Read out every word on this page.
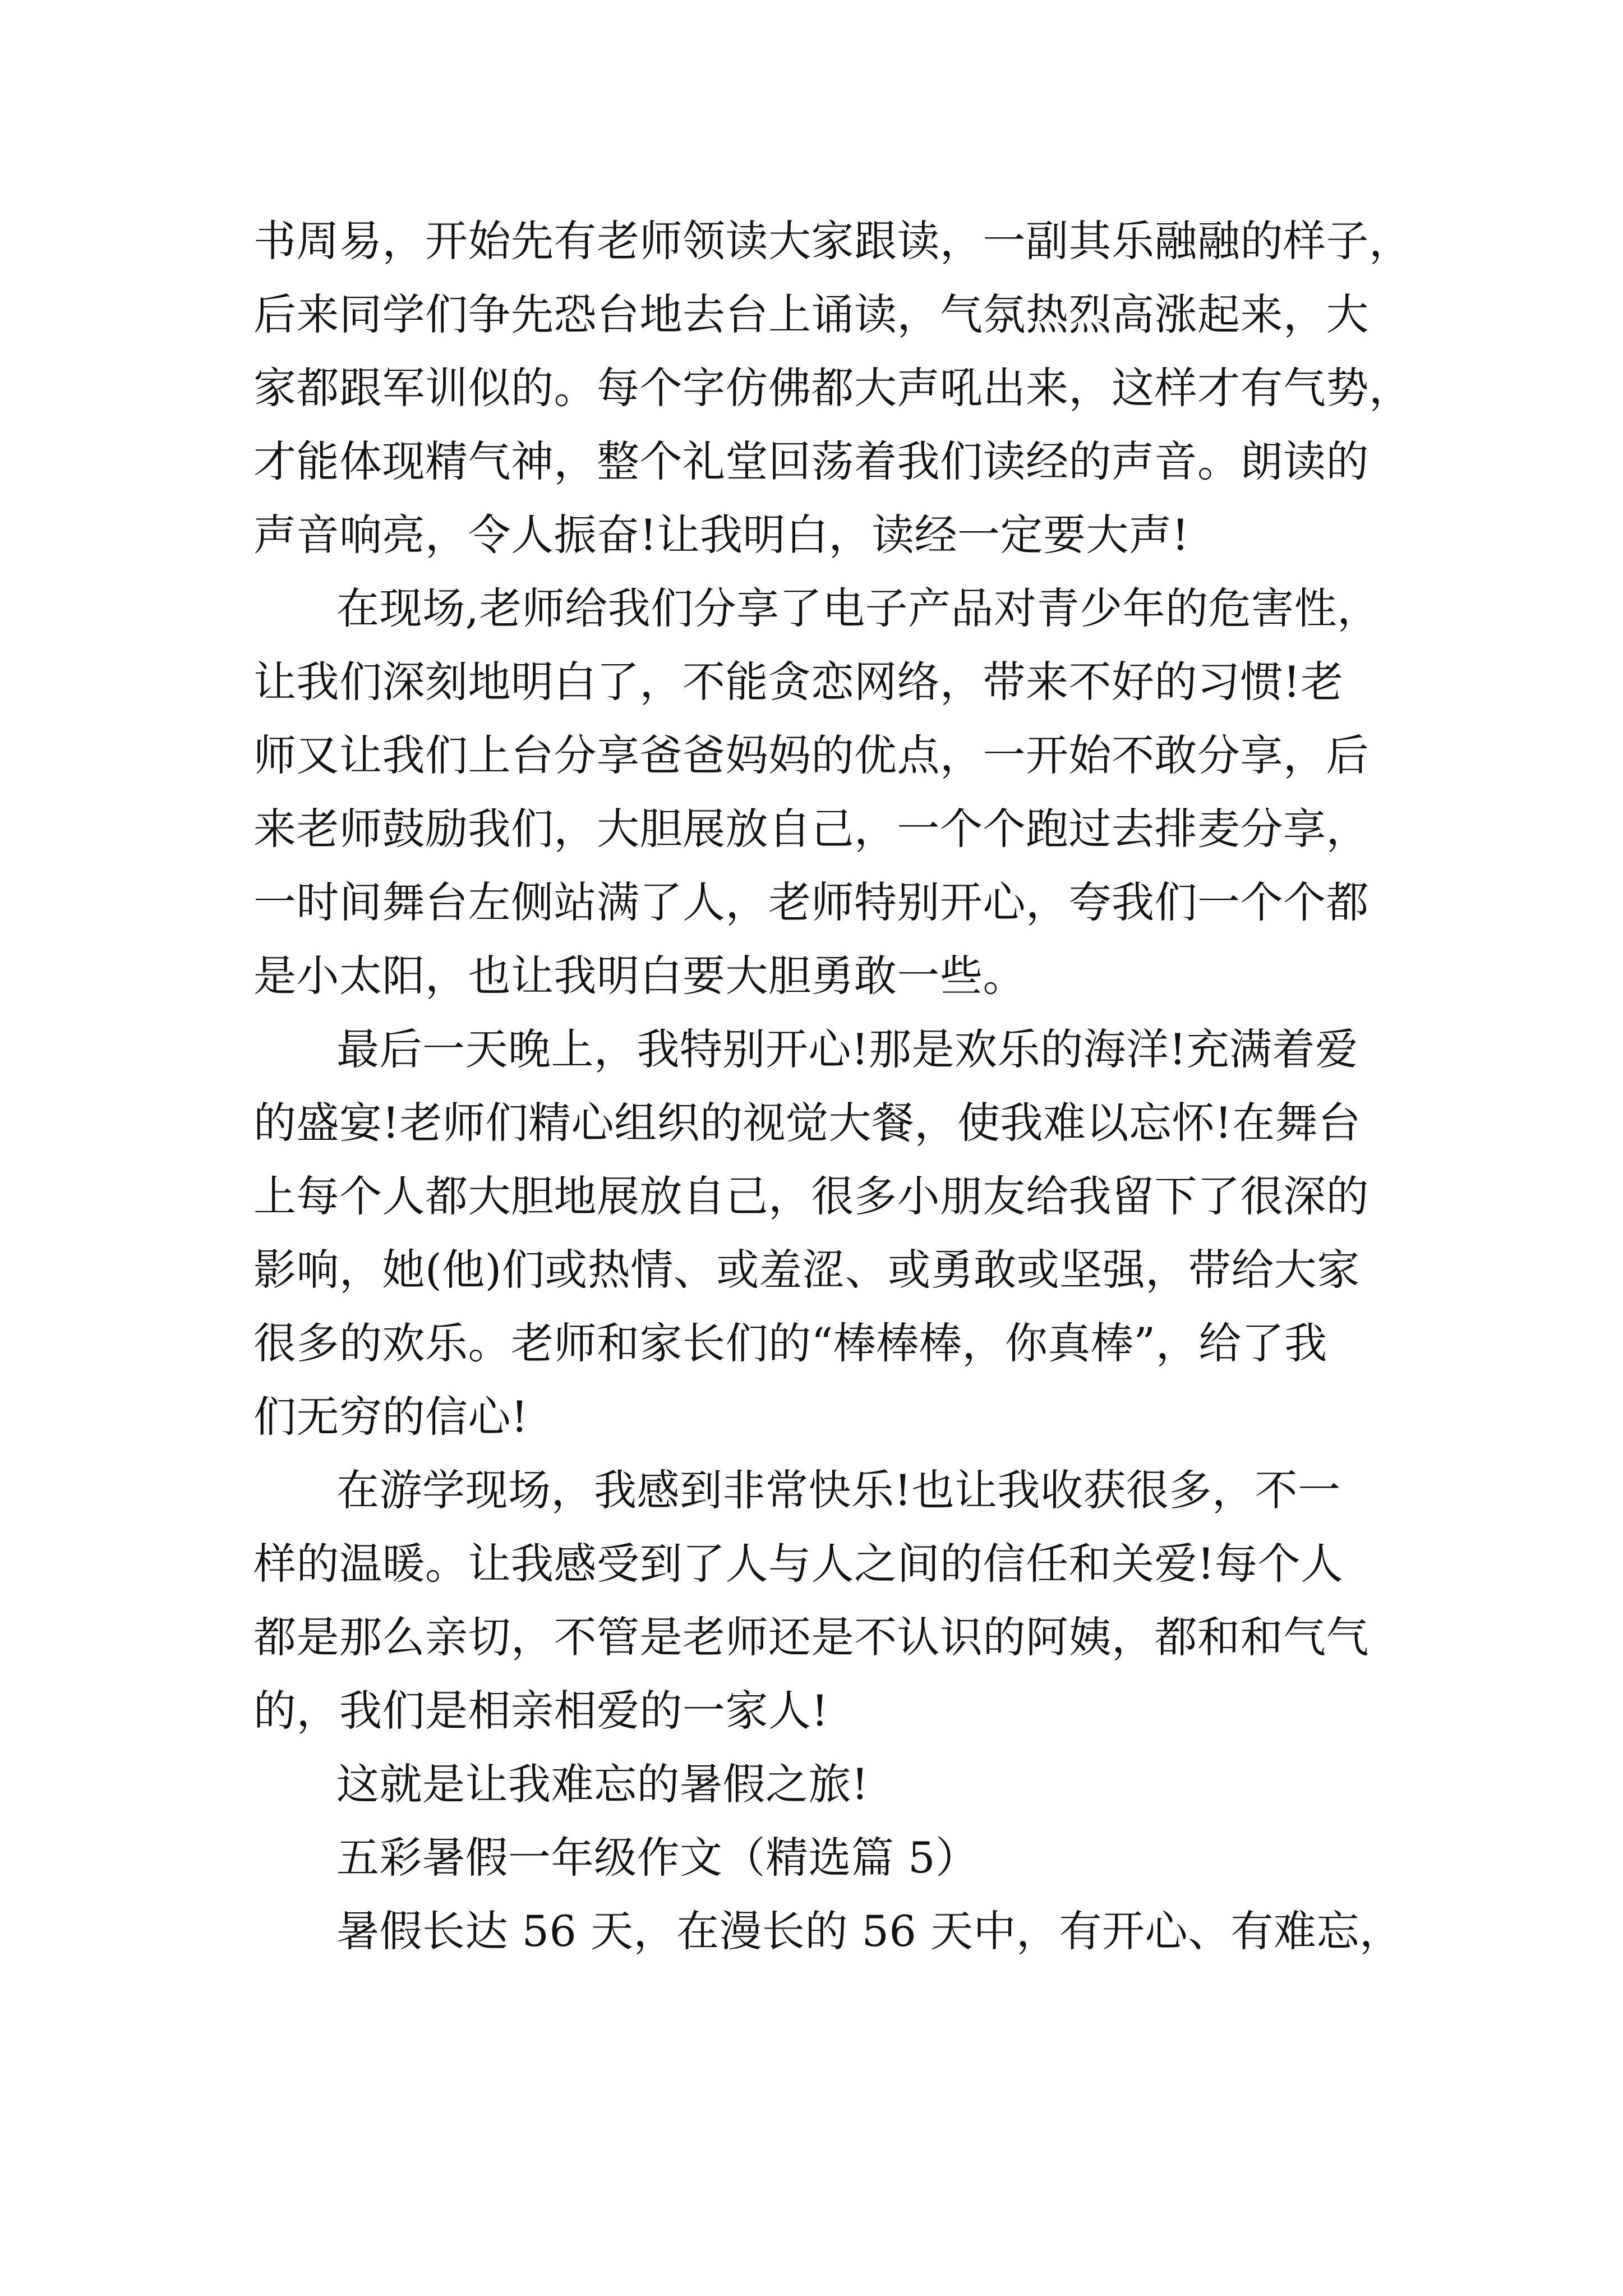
书周易，开始先有老师领读大家跟读，一副其乐融融的样子，
后来同学们争先恐台地去台上诵读，气氛热烈高涨起来，大
家都跟军训似的。每个字仿佛都大声吼出来，这样才有气势，
才能体现精气神，整个礼堂回荡着我们读经的声音。朗读的
声音响亮，令人振奋!让我明白，读经一定要大声!
在现场,老师给我们分享了电子产品对青少年的危害性，
让我们深刻地明白了，不能贪恋网络，带来不好的习惯!老
师又让我们上台分享爸爸妈妈的优点，一开始不敢分享，后
来老师鼓励我们，大胆展放自己，一个个跑过去排麦分享，
一时间舞台左侧站满了人，老师特别开心，夸我们一个个都
是小太阳，也让我明白要大胆勇敢一些。
最后一天晚上，我特别开心!那是欢乐的海洋!充满着爱
的盛宴!老师们精心组织的视觉大餐，使我难以忘怀!在舞台
上每个人都大胆地展放自己，很多小朋友给我留下了很深的
影响，她(他)们或热情、或羞涩、或勇敢或坚强，带给大家
很多的欢乐。老师和家长们的“棒棒棒，你真棒”，给了我
们无穷的信心!
在游学现场，我感到非常快乐!也让我收获很多，不一
样的温暖。让我感受到了人与人之间的信任和关爱!每个人
都是那么亲切，不管是老师还是不认识的阿姨，都和和气气
的，我们是相亲相爱的一家人!
这就是让我难忘的暑假之旅!
五彩暑假一年级作文（精选篇 5）
暑假长达 56 天，在漫长的 56 天中，有开心、有难忘，
